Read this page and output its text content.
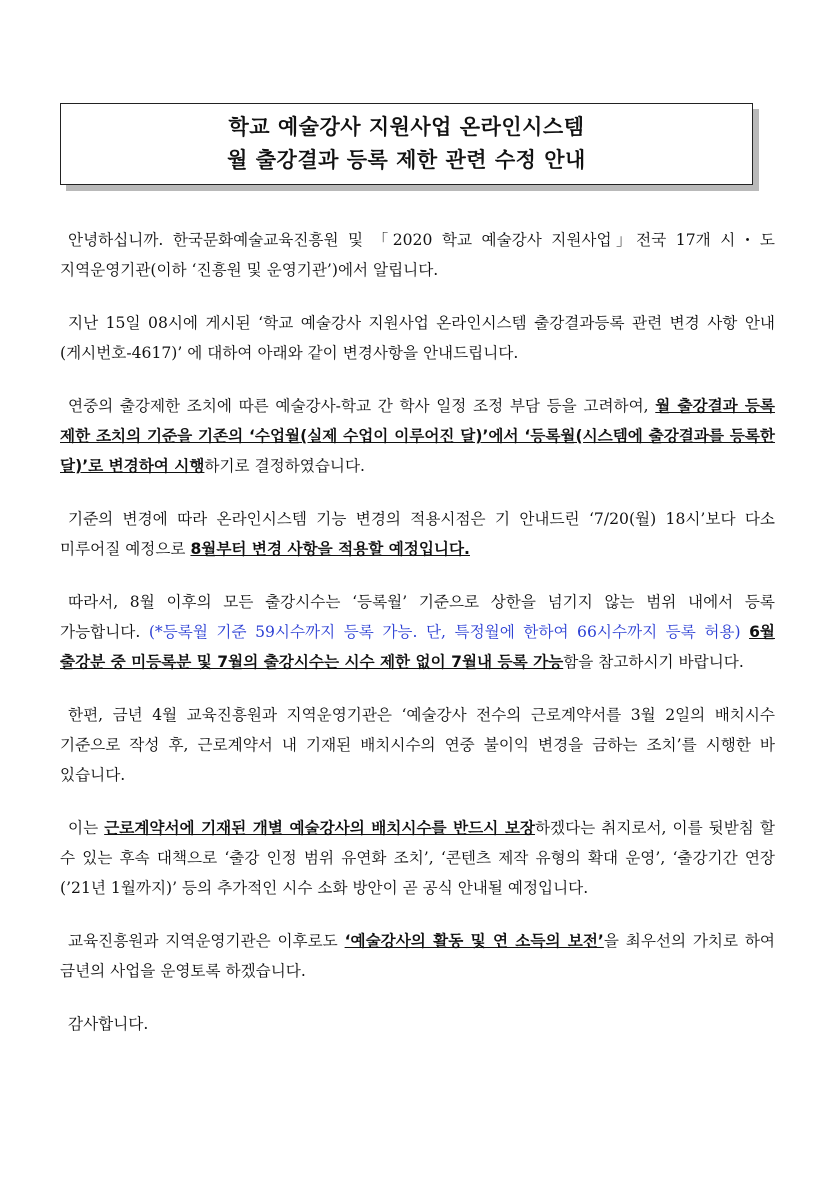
학교 예술강사 지원사업 온라인시스템
월 출강결과 등록 제한 관련 수정 안내

안녕하십니까. 한국문화예술교육진흥원 및 「2020 학교 예술강사 지원사업」전국 17개 시・도 지역운영기관(이하 ‘진흥원 및 운영기관’)에서 알립니다.

지난 15일 08시에 게시된 ‘학교 예술강사 지원사업 온라인시스템 출강결과등록 관련 변경 사항 안내(게시번호-4617)’ 에 대하여 아래와 같이 변경사항을 안내드립니다.

연중의 출강제한 조치에 따른 예술강사-학교 간 학사 일정 조정 부담 등을 고려하여, 월 출강결과 등록 제한 조치의 기준을 기존의 ‘수업월(실제 수업이 이루어진 달)’에서 ‘등록월(시스템에 출강결과를 등록한 달)’로 변경하여 시행하기로 결정하였습니다.

기준의 변경에 따라 온라인시스템 기능 변경의 적용시점은 기 안내드린 ‘7/20(월) 18시’보다 다소 미루어질 예정으로 8월부터 변경 사항을 적용할 예정입니다.

따라서, 8월 이후의 모든 출강시수는 ‘등록월’ 기준으로 상한을 넘기지 않는 범위 내에서 등록 가능합니다. (*등록월 기준 59시수까지 등록 가능. 단, 특정월에 한하여 66시수까지 등록 허용) 6월 출강분 중 미등록분 및 7월의 출강시수는 시수 제한 없이 7월내 등록 가능함을 참고하시기 바랍니다.

한편, 금년 4월 교육진흥원과 지역운영기관은 ‘예술강사 전수의 근로계약서를 3월 2일의 배치시수 기준으로 작성 후, 근로계약서 내 기재된 배치시수의 연중 불이익 변경을 금하는 조치’를 시행한 바 있습니다.

이는 근로계약서에 기재된 개별 예술강사의 배치시수를 반드시 보장하겠다는 취지로서, 이를 뒷받침 할 수 있는 후속 대책으로 ‘출강 인정 범위 유연화 조치’, ‘콘텐츠 제작 유형의 확대 운영’, ‘출강기간 연장(’21년 1월까지)’ 등의 추가적인 시수 소화 방안이 곧 공식 안내될 예정입니다.

교육진흥원과 지역운영기관은 이후로도 ‘예술강사의 활동 및 연 소득의 보전’을 최우선의 가치로 하여 금년의 사업을 운영토록 하겠습니다.

감사합니다.
